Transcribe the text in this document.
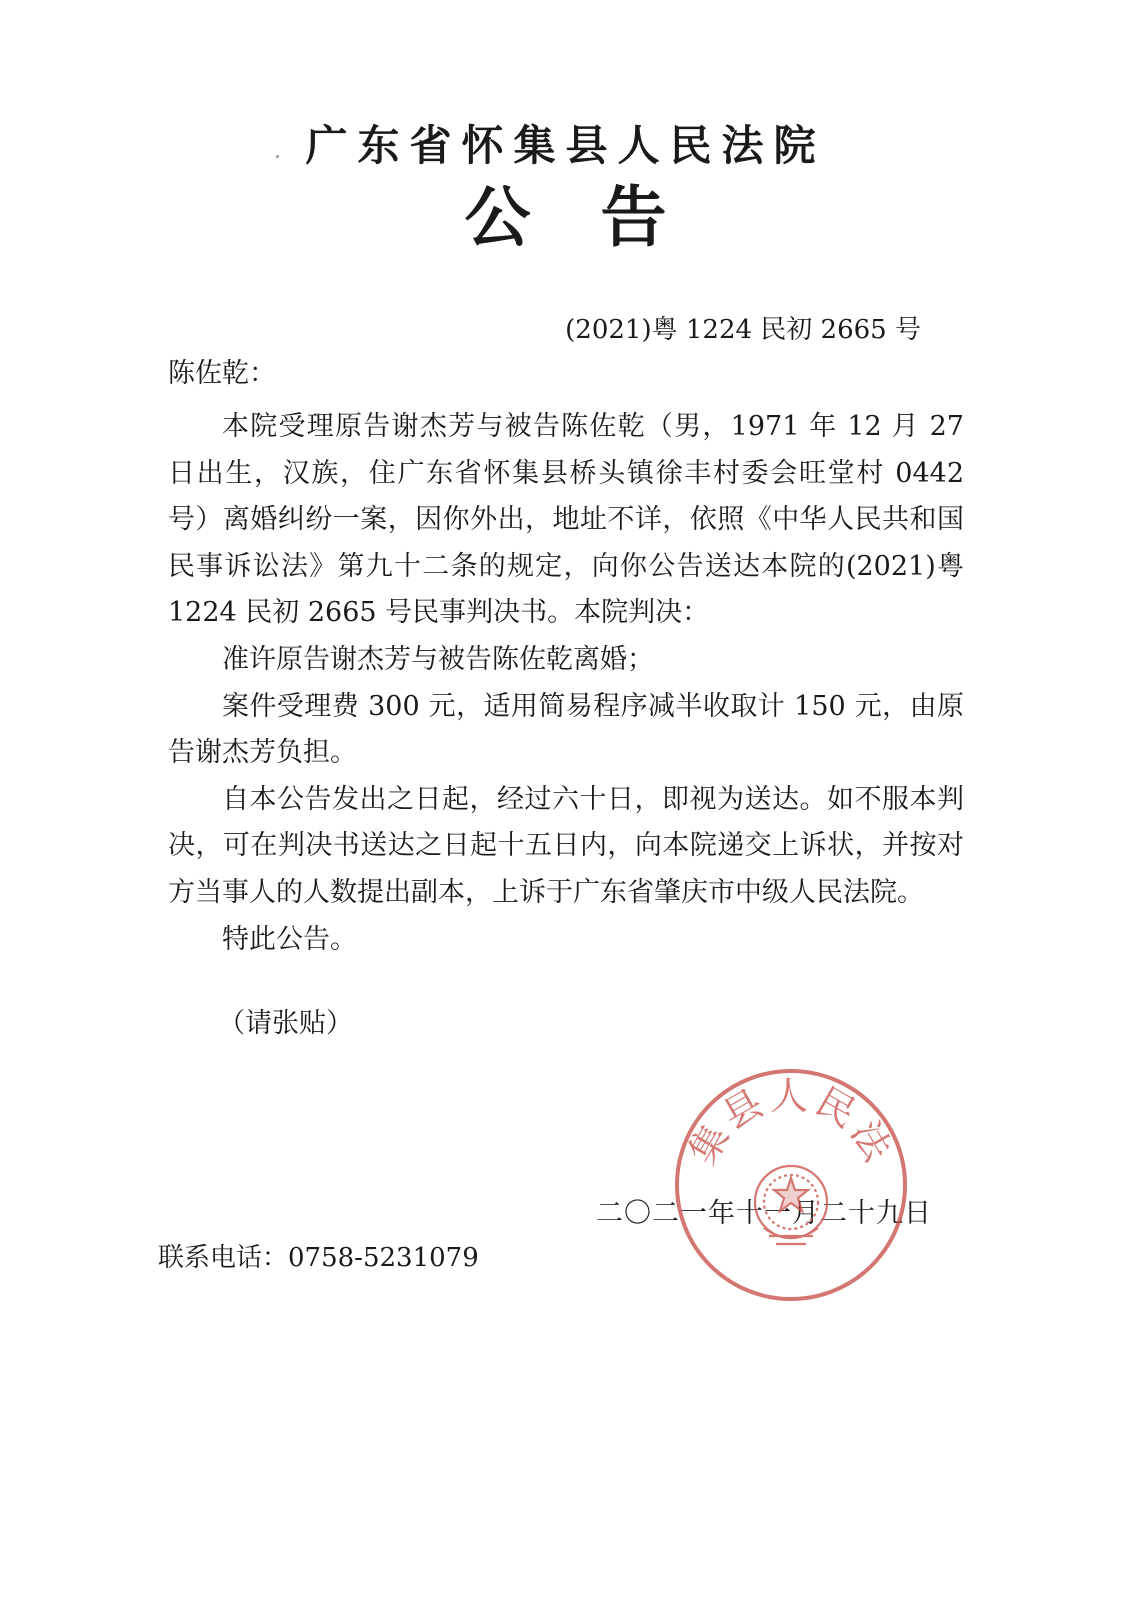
广东省怀集县人民法院
公告
(2021)粤 1224 民初 2665 号
陈佐乾：

本院受理原告谢杰芳与被告陈佐乾（男，1971 年 12 月 27 日出生，汉族，住广东省怀集县桥头镇徐丰村委会旺堂村 0442 号）离婚纠纷一案，因你外出，地址不详，依照《中华人民共和国民事诉讼法》第九十二条的规定，向你公告送达本院的(2021)粤 1224 民初 2665 号民事判决书。本院判决：

准许原告谢杰芳与被告陈佐乾离婚；

案件受理费 300 元，适用简易程序减半收取计 150 元，由原告谢杰芳负担。

自本公告发出之日起，经过六十日，即视为送达。如不服本判决，可在判决书送达之日起十五日内，向本院递交上诉状，并按对方当事人的人数提出副本，上诉于广东省肇庆市中级人民法院。

特此公告。

（请张贴）
二〇二一年十一月二十九日
联系电话：0758-5231079
集县人民法
